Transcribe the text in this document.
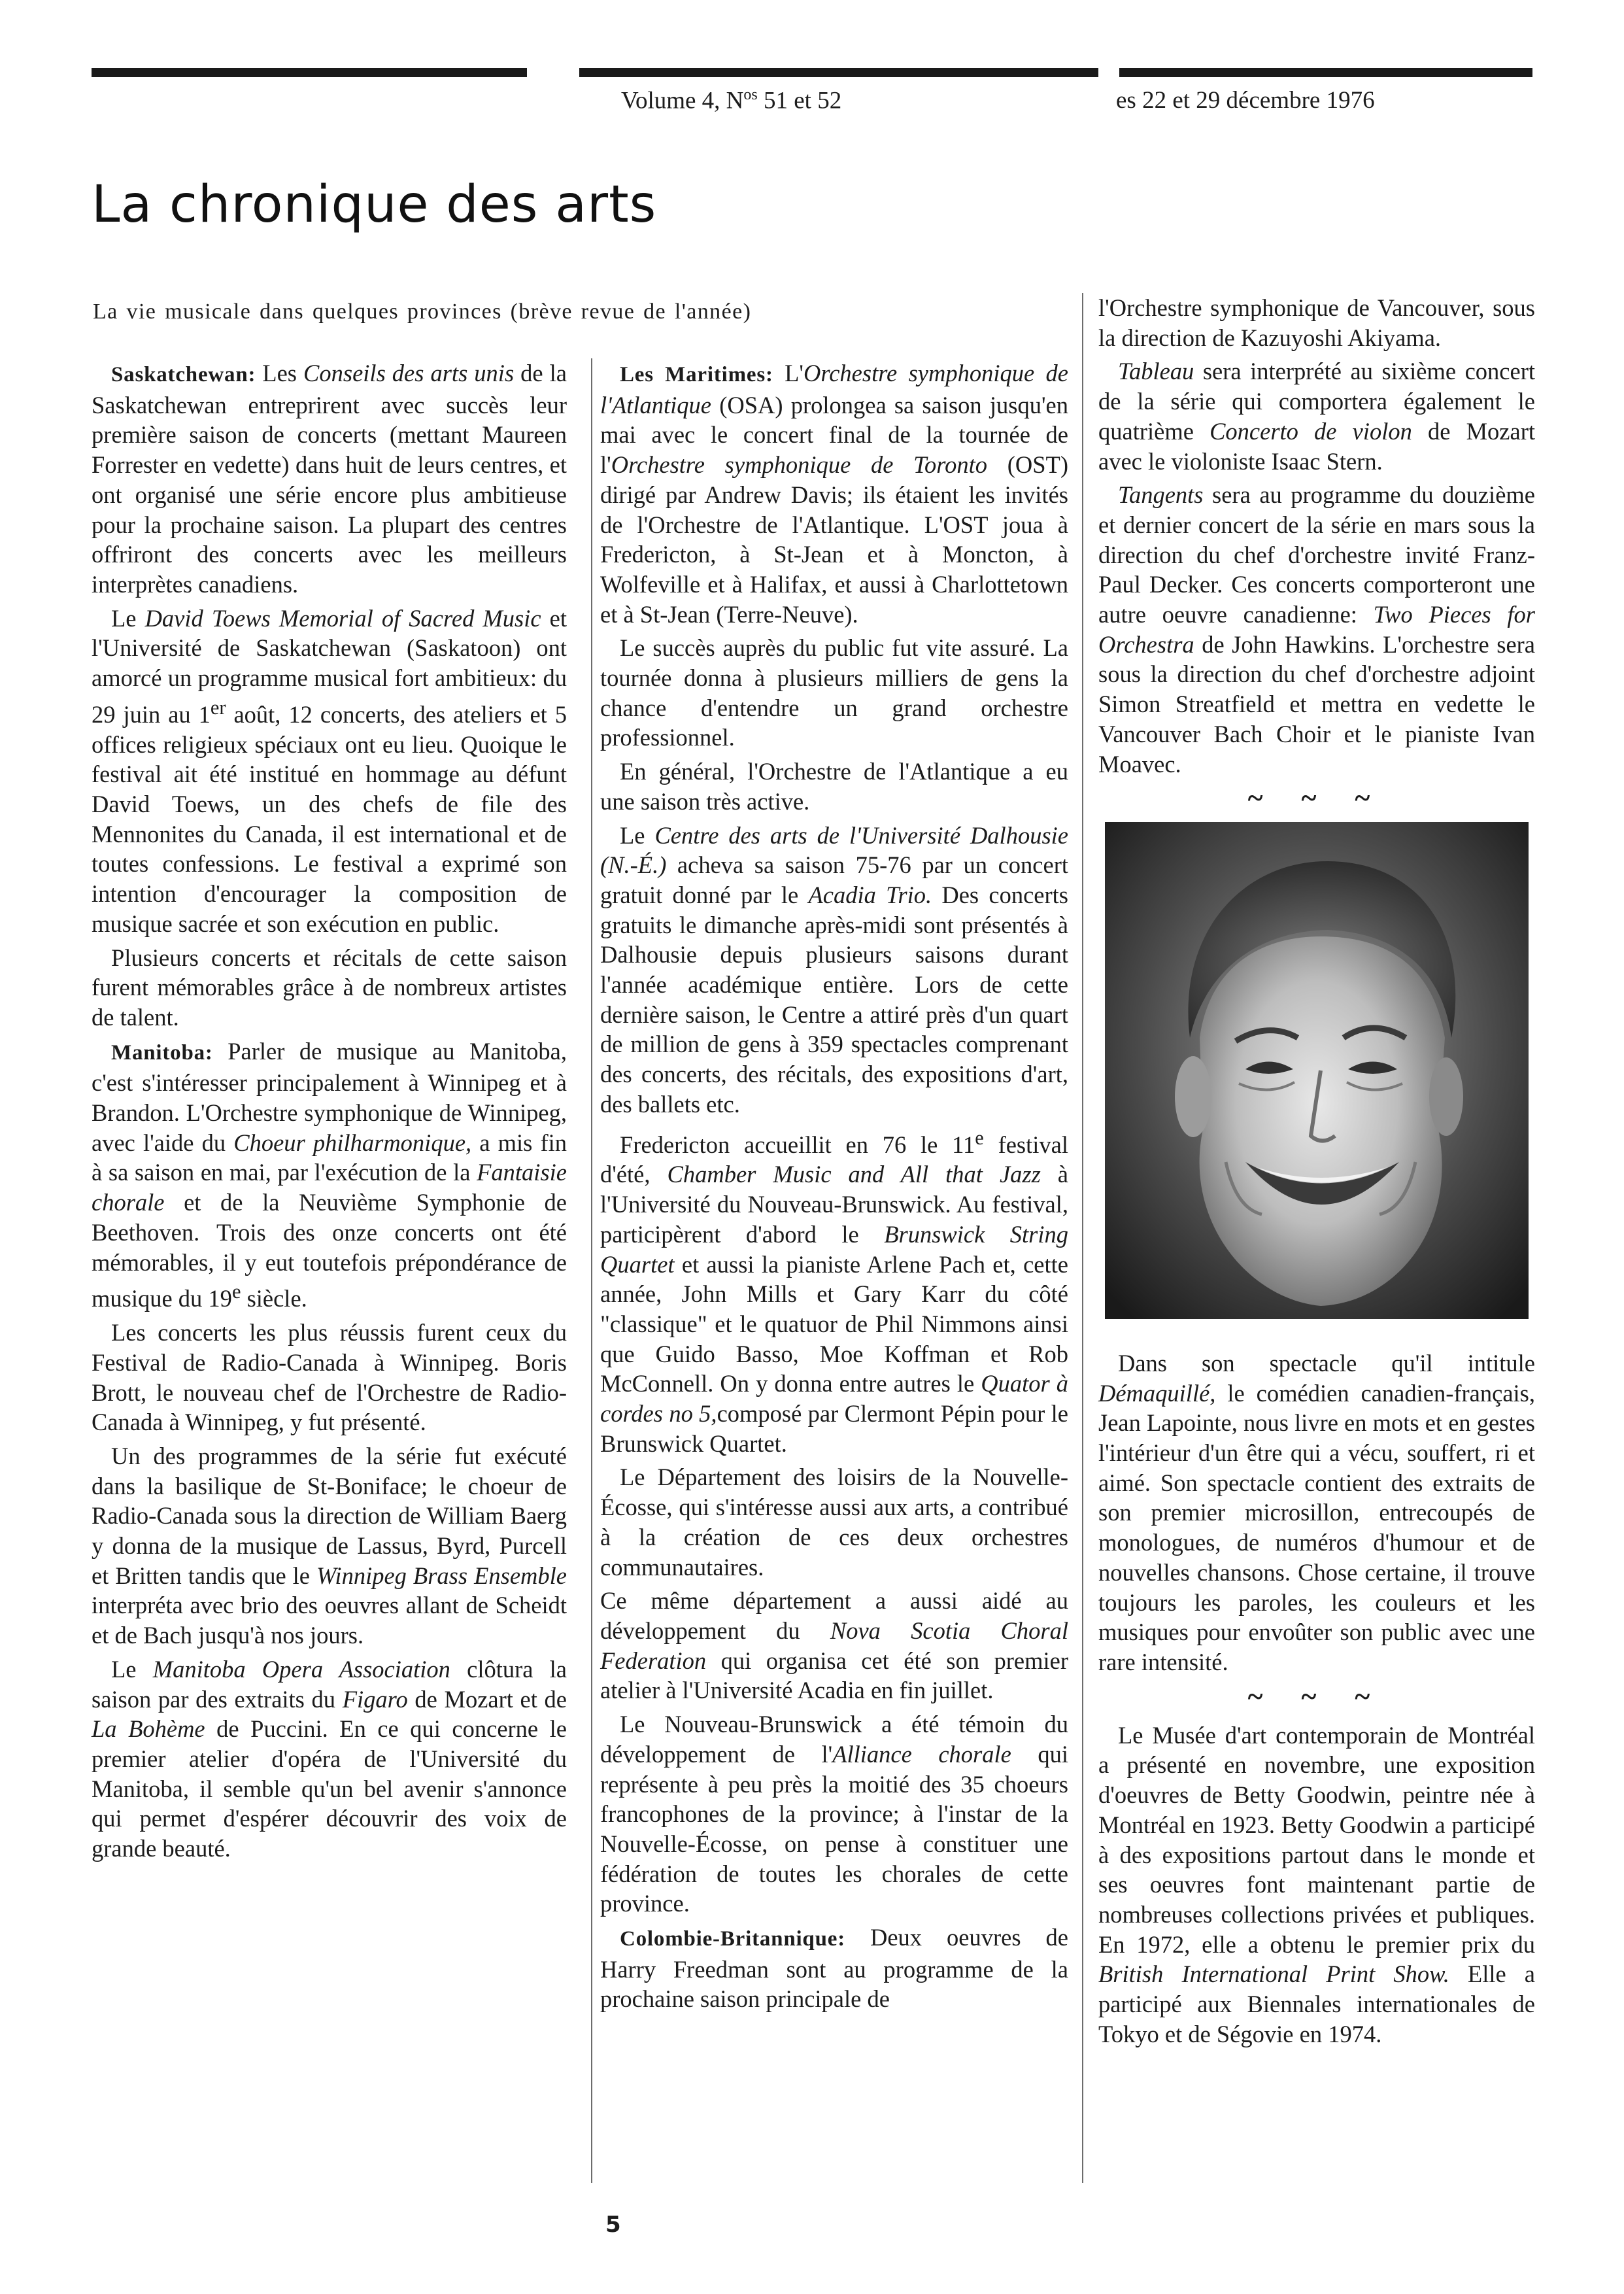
Volume 4, $N^{os}$ 51 et 52	es 22 et 29 décembre 1976
La chronique des arts
La vie musicale dans quelques provinces (brève revue de l'année)

Saskatchewan: Les Conseils des arts unis de la Saskatchewan entreprirent avec succès leur première saison de concerts (mettant Maureen Forrester en vedette) dans huit de leurs centres, et ont organisé une série encore plus ambitieuse pour la prochaine saison. La plupart des centres offriront des concerts avec les meilleurs interprètes canadiens.

Le David Toews Memorial of Sacred Music et l'Université de Saskatchewan (Saskatoon) ont amorcé un programme musical fort ambitieux: du 29 juin au 1er août, 12 concerts, des ateliers et 5 offices religieux spéciaux ont eu lieu. Quoique le festival ait été institué en hommage au défunt David Toews, un des chefs de file des Mennonites du Canada, il est international et de toutes confessions. Le festival a exprimé son intention d'encourager la composition de musique sacrée et son exécution en public.

Plusieurs concerts et récitals de cette saison furent mémorables grâce à de nombreux artistes de talent.

Manitoba: Parler de musique au Manitoba, c'est s'intéresser principalement à Winnipeg et à Brandon. L'Orchestre symphonique de Winnipeg, avec l'aide du Choeur philharmonique, a mis fin à sa saison en mai, par l'exécution de la Fantaisie chorale et de la Neuvième Symphonie de Beethoven. Trois des onze concerts ont été mémorables, il y eut toutefois prépondérance de musique du 19e siècle.

Les concerts les plus réussis furent ceux du Festival de Radio-Canada à Winnipeg. Boris Brott, le nouveau chef de l'Orchestre de Radio-Canada à Winnipeg, y fut présenté.

Un des programmes de la série fut exécuté dans la basilique de St-Boniface; le choeur de Radio-Canada sous la direction de William Baerg y donna de la musique de Lassus, Byrd, Purcell et Britten tandis que le Winnipeg Brass Ensemble interpréta avec brio des oeuvres allant de Scheidt et de Bach jusqu'à nos jours.

Le Manitoba Opera Association clôtura la saison par des extraits du Figaro de Mozart et de La Bohème de Puccini. En ce qui concerne le premier atelier d'opéra de l'Université du Manitoba, il semble qu'un bel avenir s'annonce qui permet d'espérer découvrir des voix de grande beauté.

Les Maritimes: L'Orchestre symphonique de l'Atlantique (OSA) prolongea sa saison jusqu'en mai avec le concert final de la tournée de l'Orchestre symphonique de Toronto (OST) dirigé par Andrew Davis; ils étaient les invités de l'Orchestre de l'Atlantique. L'OST joua à Fredericton, à St-Jean et à Moncton, à Wolfeville et à Halifax, et aussi à Charlottetown et à St-Jean (Terre-Neuve).

Le succès auprès du public fut vite assuré. La tournée donna à plusieurs milliers de gens la chance d'entendre un grand orchestre professionnel.

En général, l'Orchestre de l'Atlantique a eu une saison très active.

Le Centre des arts de l'Université Dalhousie (N.-É.) acheva sa saison 75-76 par un concert gratuit donné par le Acadia Trio. Des concerts gratuits le dimanche après-midi sont présentés à Dalhousie depuis plusieurs saisons durant l'année académique entière. Lors de cette dernière saison, le Centre a attiré près d'un quart de million de gens à 359 spectacles comprenant des concerts, des récitals, des expositions d'art, des ballets etc.

Fredericton accueillit en 76 le 11e festival d'été, Chamber Music and All that Jazz à l'Université du Nouveau-Brunswick. Au festival, participèrent d'abord le Brunswick String Quartet et aussi la pianiste Arlene Pach et, cette année, John Mills et Gary Karr du côté "classique" et le quatuor de Phil Nimmons ainsi que Guido Basso, Moe Koffman et Rob McConnell. On y donna entre autres le Quator à cordes no 5,composé par Clermont Pépin pour le Brunswick Quartet.

Le Département des loisirs de la Nouvelle-Écosse, qui s'intéresse aussi aux arts, a contribué à la création de ces deux orchestres communautaires.

Ce même département a aussi aidé au développement du Nova Scotia Choral Federation qui organisa cet été son premier atelier à l'Université Acadia en fin juillet.

Le Nouveau-Brunswick a été témoin du développement de l'Alliance chorale qui représente à peu près la moitié des 35 choeurs francophones de la province; à l'instar de la Nouvelle-Écosse, on pense à constituer une fédération de toutes les chorales de cette province.

Colombie-Britannique: Deux oeuvres de Harry Freedman sont au programme de la prochaine saison principale de

l'Orchestre symphonique de Vancouver, sous la direction de Kazuyoshi Akiyama.

Tableau sera interprété au sixième concert de la série qui comportera également le quatrième Concerto de violon de Mozart avec le violoniste Isaac Stern.

Tangents sera au programme du douzième et dernier concert de la série en mars sous la direction du chef d'orchestre invité Franz-Paul Decker. Ces concerts comporteront une autre oeuvre canadienne: Two Pieces for Orchestra de John Hawkins. L'orchestre sera sous la direction du chef d'orchestre adjoint Simon Streatfield et mettra en vedette le Vancouver Bach Choir et le pianiste Ivan Moavec.

~ ~ ~

Dans son spectacle qu'il intitule Démaquillé, le comédien canadien-français, Jean Lapointe, nous livre en mots et en gestes l'intérieur d'un être qui a vécu, souffert, ri et aimé. Son spectacle contient des extraits de son premier microsillon, entrecoupés de monologues, de numéros d'humour et de nouvelles chansons. Chose certaine, il trouve toujours les paroles, les couleurs et les musiques pour envoûter son public avec une rare intensité.

~ ~ ~

Le Musée d'art contemporain de Montréal a présenté en novembre, une exposition d'oeuvres de Betty Goodwin, peintre née à Montréal en 1923. Betty Goodwin a participé à des expositions partout dans le monde et ses oeuvres font maintenant partie de nombreuses collections privées et publiques. En 1972, elle a obtenu le premier prix du British International Print Show. Elle a participé aux Biennales internationales de Tokyo et de Ségovie en 1974.

5
